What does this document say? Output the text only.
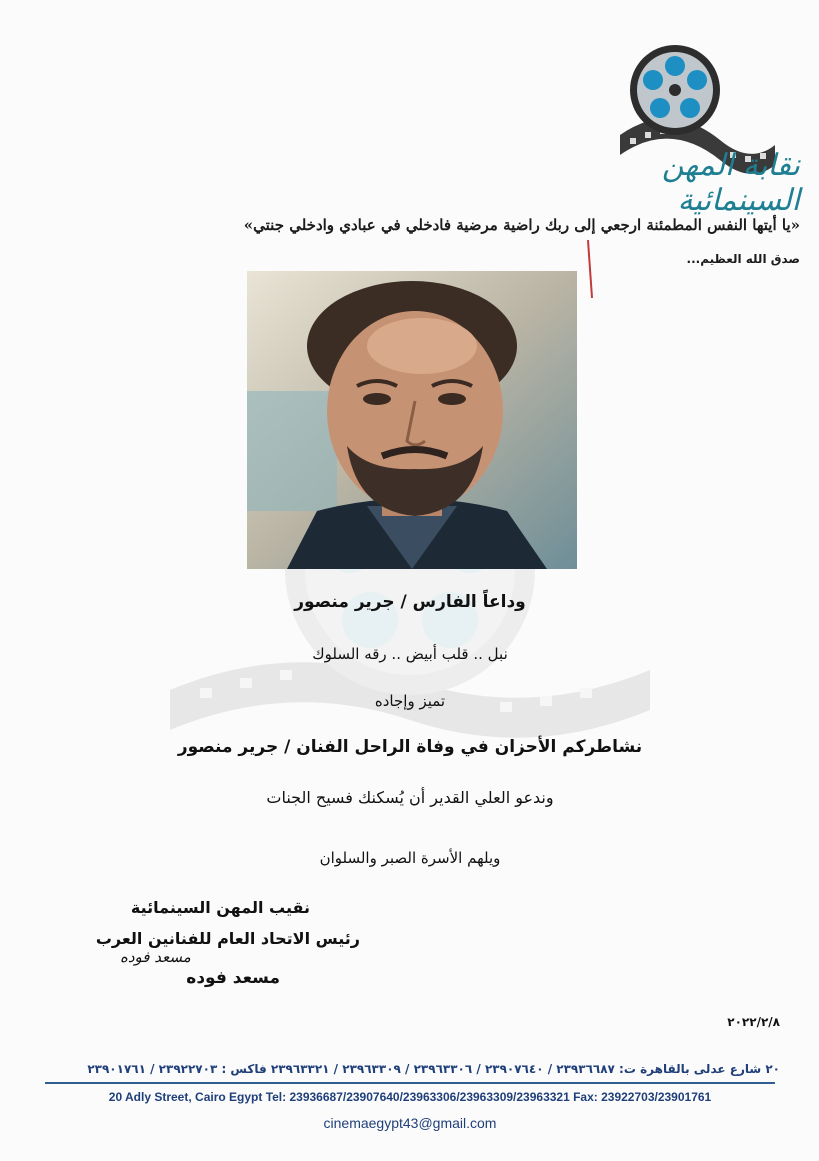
نقابة المهن السينمائية
«يا أيتها النفس المطمئنة ارجعي إلى ربك راضية مرضية فادخلي في عبادي وادخلي جنتي»
صدق الله العظيم...
وداعاً الفارس / جرير منصور
نبل .. قلب أبيض .. رقه السلوك
تميز وإجاده
نشاطركم الأحزان في وفاة الراحل الفنان / جرير منصور
وندعو العلي القدير أن يُسكنك فسيح الجنات
ويلهم الأسرة الصبر والسلوان
نقيب المهن السينمائية
رئيس الاتحاد العام للفنانين العرب
مسعد فوده
مسعد فوده
٢٠٢٢/٢/٨
٢٠ شارع عدلى بالقاهرة ت: ٢٣٩٣٦٦٨٧ / ٢٣٩٠٧٦٤٠ / ٢٣٩٦٣٣٠٦ / ٢٣٩٦٣٣٠٩ / ٢٣٩٦٣٣٢١ فاكس : ٢٣٩٢٢٧٠٣ / ٢٣٩٠١٧٦١
20 Adly Street, Cairo Egypt Tel: 23936687/23907640/23963306/23963309/23963321 Fax: 23922703/23901761
cinemaegypt43@gmail.com
